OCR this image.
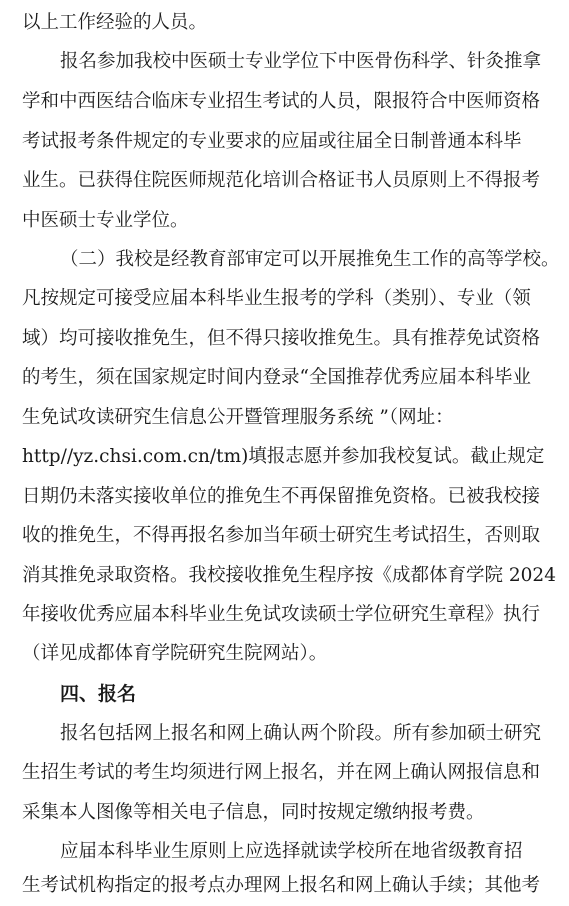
以上工作经验的人员。
报名参加我校中医硕士专业学位下中医骨伤科学、针灸推拿
学和中西医结合临床专业招生考试的人员，限报符合中医师资格
考试报考条件规定的专业要求的应届或往届全日制普通本科毕
业生。已获得住院医师规范化培训合格证书人员原则上不得报考
中医硕士专业学位。
（二）我校是经教育部审定可以开展推免生工作的高等学校。
凡按规定可接受应届本科毕业生报考的学科（类别）、专业（领
域）均可接收推免生，但不得只接收推免生。具有推荐免试资格
的考生，须在国家规定时间内登录“全国推荐优秀应届本科毕业
生免试攻读研究生信息公开暨管理服务系统 ”（网址：
http//yz.chsi.com.cn/tm)填报志愿并参加我校复试。截止规定
日期仍未落实接收单位的推免生不再保留推免资格。已被我校接
收的推免生，不得再报名参加当年硕士研究生考试招生，否则取
消其推免录取资格。我校接收推免生程序按《成都体育学院 2024
年接收优秀应届本科毕业生免试攻读硕士学位研究生章程》执行
（详见成都体育学院研究生院网站）。
四、报名
报名包括网上报名和网上确认两个阶段。所有参加硕士研究
生招生考试的考生均须进行网上报名，并在网上确认网报信息和
采集本人图像等相关电子信息，同时按规定缴纳报考费。
应届本科毕业生原则上应选择就读学校所在地省级教育招
生考试机构指定的报考点办理网上报名和网上确认手续；其他考
